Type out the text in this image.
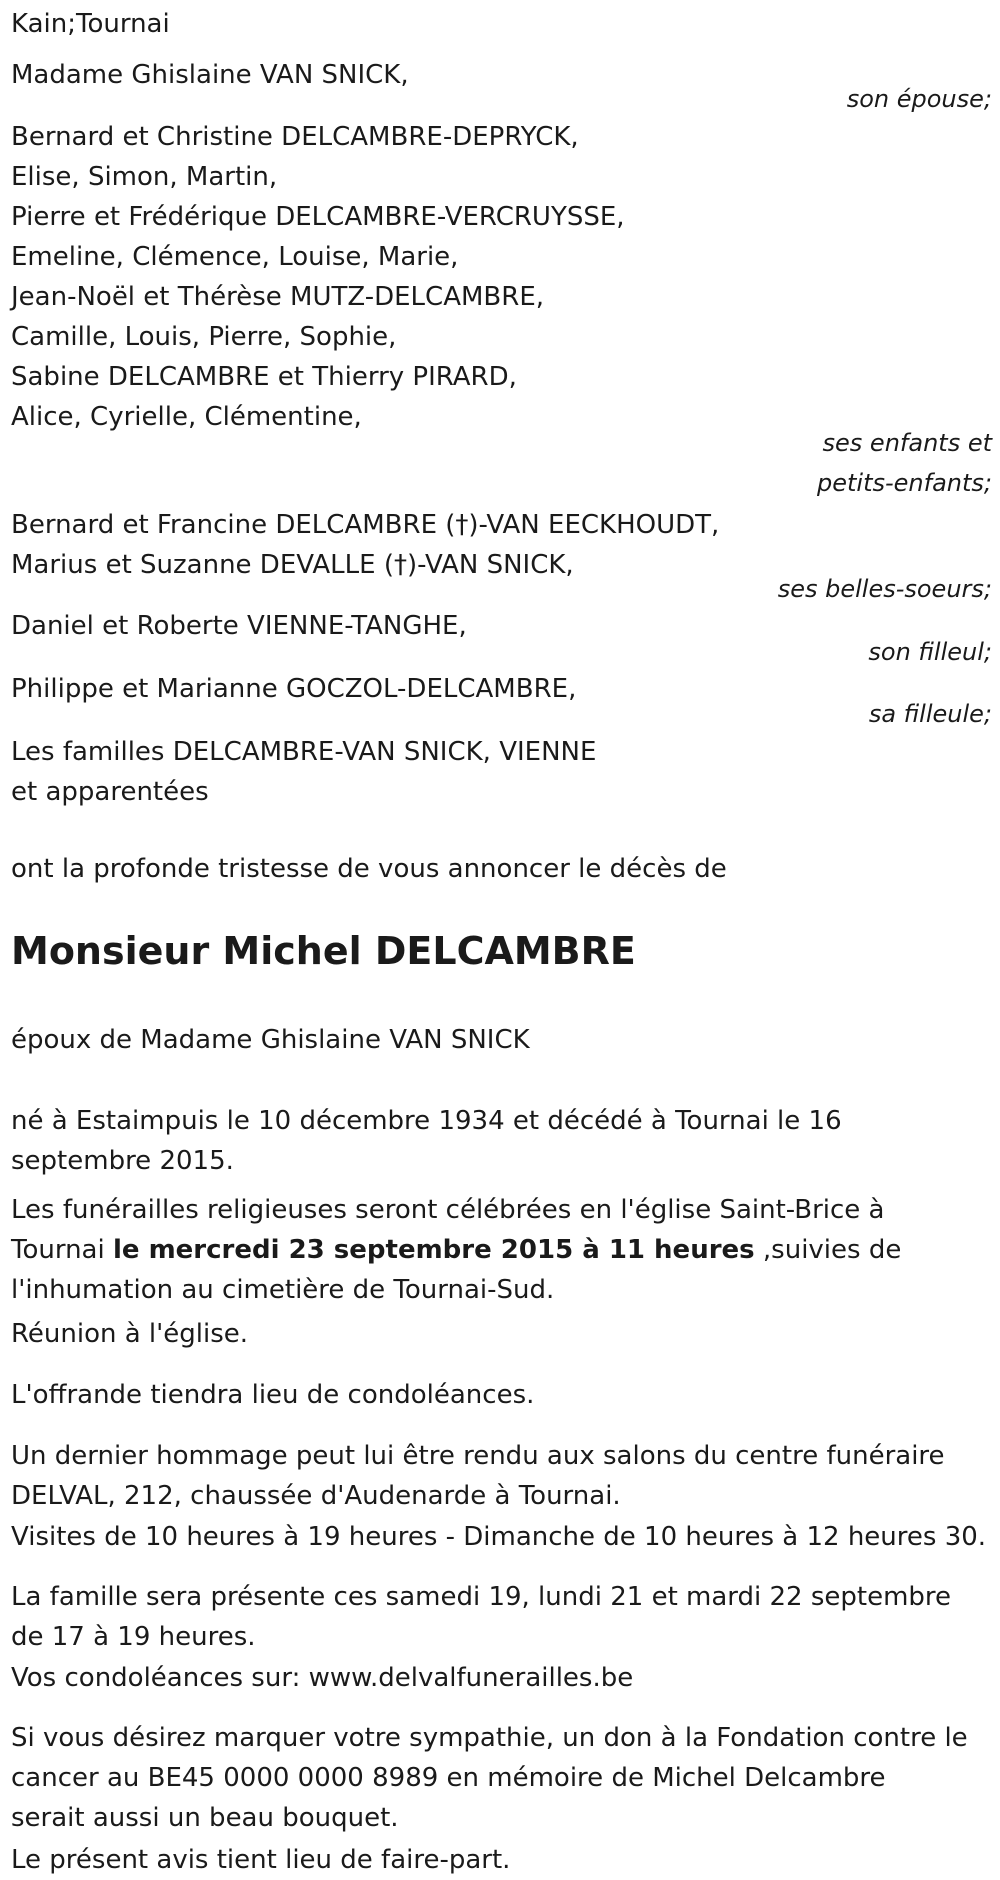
Kain;Tournai
Madame Ghislaine VAN SNICK,
son épouse;
Bernard et Christine DELCAMBRE-DEPRYCK,
Elise, Simon, Martin,
Pierre et Frédérique DELCAMBRE-VERCRUYSSE,
Emeline, Clémence, Louise, Marie,
Jean-Noël et Thérèse MUTZ-DELCAMBRE,
Camille, Louis, Pierre, Sophie,
Sabine DELCAMBRE et Thierry PIRARD,
Alice, Cyrielle, Clémentine,
ses enfants et
petits-enfants;
Bernard et Francine DELCAMBRE (†)-VAN EECKHOUDT,
Marius et Suzanne DEVALLE (†)-VAN SNICK,
ses belles-soeurs;
Daniel et Roberte VIENNE-TANGHE,
son filleul;
Philippe et Marianne GOCZOL-DELCAMBRE,
sa filleule;
Les familles DELCAMBRE-VAN SNICK, VIENNE
et apparentées
ont la profonde tristesse de vous annoncer le décès de
Monsieur Michel DELCAMBRE
époux de Madame Ghislaine VAN SNICK
né à Estaimpuis le 10 décembre 1934 et décédé à Tournai le 16
septembre 2015.
Les funérailles religieuses seront célébrées en l'église Saint-Brice à
Tournai le mercredi 23 septembre 2015 à 11 heures ,suivies de
l'inhumation au cimetière de Tournai-Sud.
Réunion à l'église.
L'offrande tiendra lieu de condoléances.
Un dernier hommage peut lui être rendu aux salons du centre funéraire
DELVAL, 212, chaussée d'Audenarde à Tournai.
Visites de 10 heures à 19 heures - Dimanche de 10 heures à 12 heures 30.
La famille sera présente ces samedi 19, lundi 21 et mardi 22 septembre
de 17 à 19 heures.
Vos condoléances sur: www.delvalfunerailles.be
Si vous désirez marquer votre sympathie, un don à la Fondation contre le
cancer au BE45 0000 0000 8989 en mémoire de Michel Delcambre
serait aussi un beau bouquet.
Le présent avis tient lieu de faire-part.
